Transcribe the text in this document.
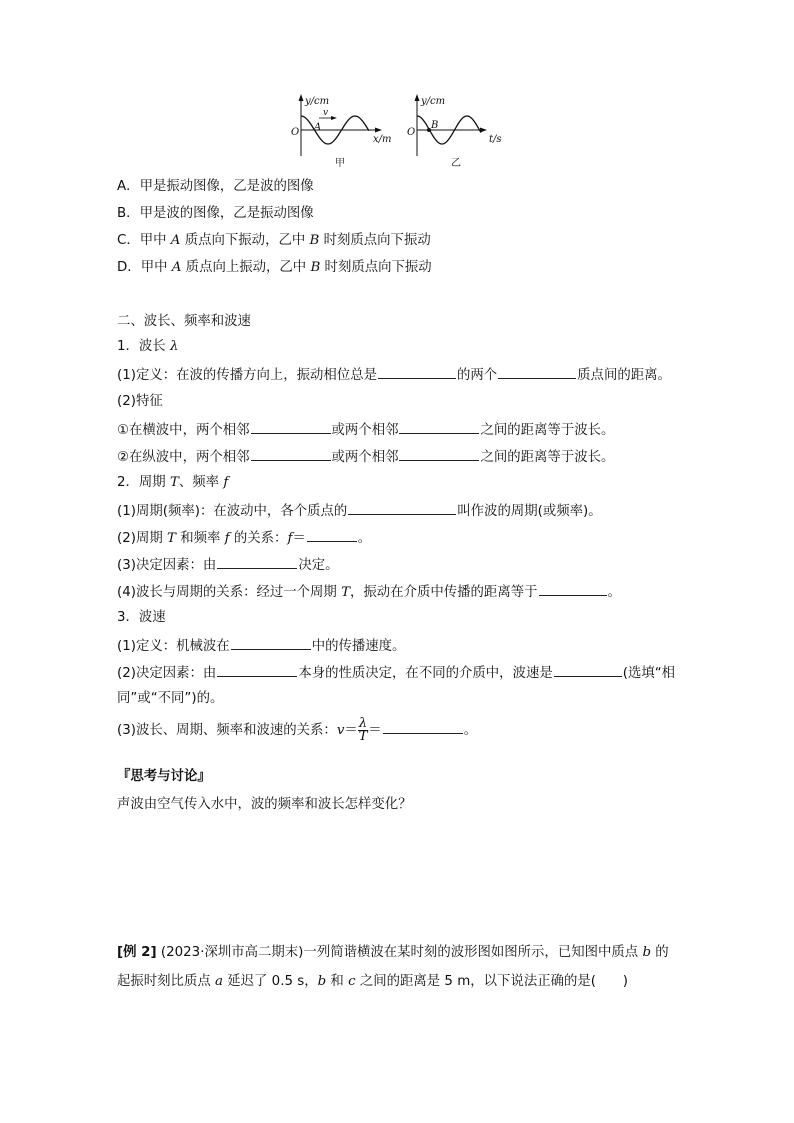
y/cm
O A
v
x/m
甲
y/cm
O
B
t/s
乙
A．甲是振动图像，乙是波的图像
B．甲是波的图像，乙是振动图像
C．甲中 A 质点向下振动，乙中 B 时刻质点向下振动
D．甲中 A 质点向上振动，乙中 B 时刻质点向下振动
二、波长、频率和波速
1．波长 λ
(1)定义：在波的传播方向上，振动相位总是	的两个	质点间的距离。
(2)特征
①在横波中，两个相邻	或两个相邻	之间的距离等于波长。
②在纵波中，两个相邻	或两个相邻	之间的距离等于波长。
2．周期 T、频率 f
(1)周期(频率)：在波动中，各个质点的	叫作波的周期(或频率)。
(2)周期 T 和频率 f 的关系：f＝	。
(3)决定因素：由	决定。
(4)波长与周期的关系：经过一个周期 T，振动在介质中传播的距离等于	。
3．波速
(1)定义：机械波在	中的传播速度。
(2)决定因素：由	本身的性质决定，在不同的介质中，波速是	(选填“相
同”或“不同”)的。
(3)波长、周期、频率和波速的关系：$v= \frac{\lambda}{T}$ ＝	。
『思考与讨论』
声波由空气传入水中，波的频率和波长怎样变化？
[例 2] (2023·深圳市高二期末)一列简谐横波在某时刻的波形图如图所示，已知图中质点 b 的
起振时刻比质点 a 延迟了 0.5 s，b 和 c 之间的距离是 5 m，以下说法正确的是(　　)
